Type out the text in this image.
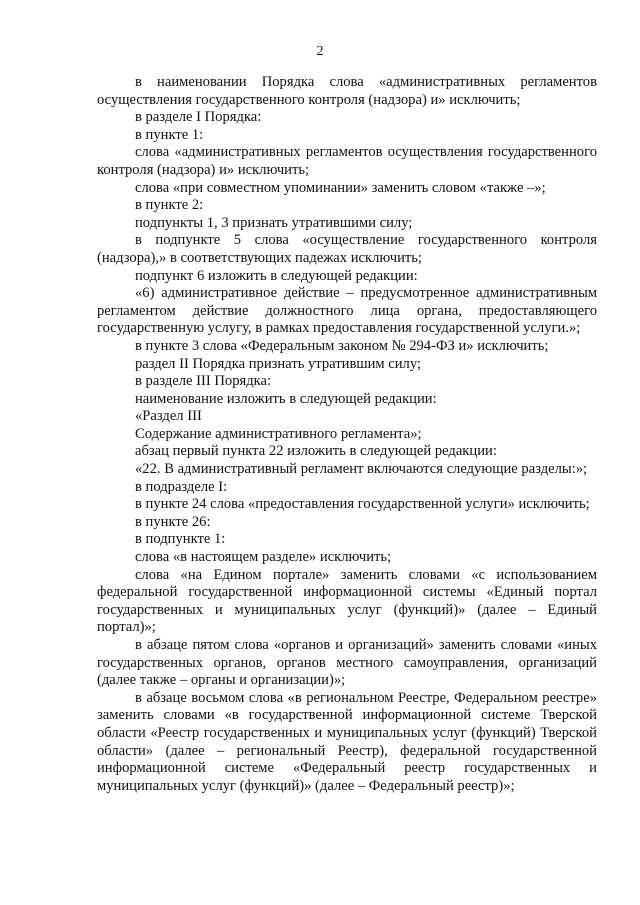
2

в наименовании Порядка слова «административных регламентов осуществления государственного контроля (надзора) и» исключить;

в разделе I Порядка:

в пункте 1:

слова «административных регламентов осуществления государственного контроля (надзора) и» исключить;

слова «при совместном упоминании» заменить словом «также –»;

в пункте 2:

подпункты 1, 3 признать утратившими силу;

в подпункте 5 слова «осуществление государственного контроля (надзора),» в соответствующих падежах исключить;

подпункт 6 изложить в следующей редакции:

«6) административное действие – предусмотренное административным регламентом действие должностного лица органа, предоставляющего государственную услугу, в рамках предоставления государственной услуги.»;

в пункте 3 слова «Федеральным законом № 294-ФЗ и» исключить;

раздел II Порядка признать утратившим силу;

в разделе III Порядка:

наименование изложить в следующей редакции:

«Раздел III

Содержание административного регламента»;

абзац первый пункта 22 изложить в следующей редакции:

«22. В административный регламент включаются следующие разделы:»;

в подразделе I:

в пункте 24 слова «предоставления государственной услуги» исключить;

в пункте 26:

в подпункте 1:

слова «в настоящем разделе» исключить;

слова «на Едином портале» заменить словами «с использованием федеральной государственной информационной системы «Единый портал государственных и муниципальных услуг (функций)» (далее – Единый портал)»;

в абзаце пятом слова «органов и организаций» заменить словами «иных государственных органов, органов местного самоуправления, организаций (далее также – органы и организации)»;

в абзаце восьмом слова «в региональном Реестре, Федеральном реестре» заменить словами «в государственной информационной системе Тверской области «Реестр государственных и муниципальных услуг (функций) Тверской области» (далее – региональный Реестр), федеральной государственной информационной системе «Федеральный реестр государственных и муниципальных услуг (функций)» (далее – Федеральный реестр)»;
